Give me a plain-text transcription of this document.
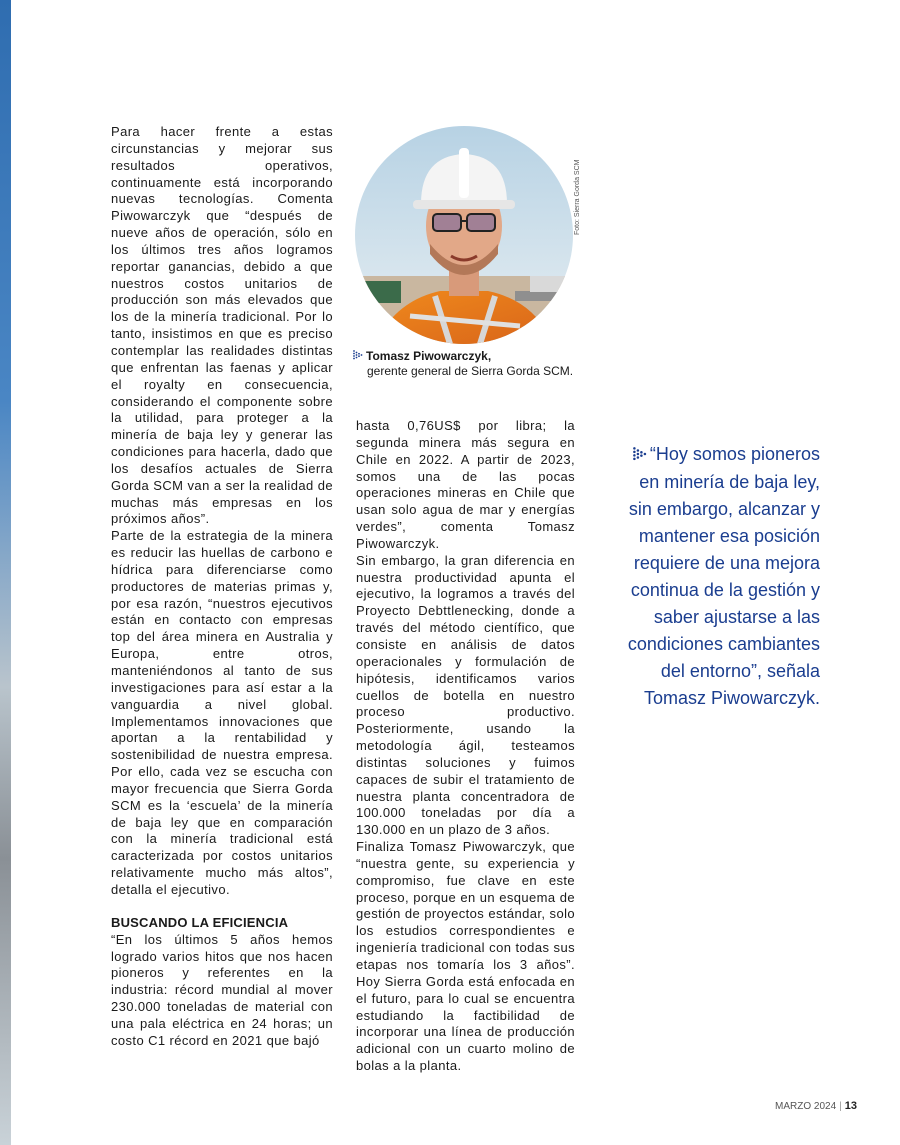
Para hacer frente a estas circunstancias y mejorar sus resultados operativos, continuamente está incorporando nuevas tecnologías. Comenta Piwowarczyk que “después de nueve años de operación, sólo en los últimos tres años logramos reportar ganancias, debido a que nuestros costos unitarios de producción son más elevados que los de la minería tradicional. Por lo tanto, insistimos en que es preciso contemplar las realidades distintas que enfrentan las faenas y aplicar el royalty en consecuencia, considerando el componente sobre la utilidad, para proteger a la minería de baja ley y generar las condiciones para hacerla, dado que los desafíos actuales de Sierra Gorda SCM van a ser la realidad de muchas más empresas en los próximos años”.

Parte de la estrategia de la minera es reducir las huellas de carbono e hídrica para diferenciarse como productores de materias primas y, por esa razón, “nuestros ejecutivos están en contacto con empresas top del área minera en Australia y Europa, entre otros, manteniéndonos al tanto de sus investigaciones para así estar a la vanguardia a nivel global. Implementamos innovaciones que aportan a la rentabilidad y sostenibilidad de nuestra empresa. Por ello, cada vez se escucha con mayor frecuencia que Sierra Gorda SCM es la ‘escuela’ de la minería de baja ley que en comparación con la minería tradicional está caracterizada por costos unitarios relativamente mucho más altos”, detalla el ejecutivo.

BUSCANDO LA EFICIENCIA

“En los últimos 5 años hemos logrado varios hitos que nos hacen pioneros y referentes en la industria: récord mundial al mover 230.000 toneladas de material con una pala eléctrica en 24 horas; un costo C1 récord en 2021 que bajó

Foto: Sierra Gorda SCM
Tomasz Piwowarczyk,
gerente general de Sierra Gorda SCM.

hasta 0,76US$ por libra; la segunda minera más segura en Chile en 2022. A partir de 2023, somos una de las pocas operaciones mineras en Chile que usan solo agua de mar y energías verdes”, comenta Tomasz Piwowarczyk.

Sin embargo, la gran diferencia en nuestra productividad apunta el ejecutivo, la logramos a través del Proyecto Debttlenecking, donde a través del método científico, que consiste en análisis de datos operacionales y formulación de hipótesis, identificamos varios cuellos de botella en nuestro proceso productivo. Posteriormente, usando la metodología ágil, testeamos distintas soluciones y fuimos capaces de subir el tratamiento de nuestra planta concentradora de 100.000 toneladas por día a 130.000 en un plazo de 3 años.

Finaliza Tomasz Piwowarczyk, que “nuestra gente, su experiencia y compromiso, fue clave en este proceso, porque en un esquema de gestión de proyectos estándar, solo los estudios correspondientes e ingeniería tradicional con todas sus etapas nos tomaría los 3 años”. Hoy Sierra Gorda está enfocada en el futuro, para lo cual se encuentra estudiando la factibilidad de incorporar una línea de producción adicional con un cuarto molino de bolas a la planta.

“Hoy somos pioneros en minería de baja ley, sin embargo, alcanzar y mantener esa posición requiere de una mejora continua de la gestión y saber ajustarse a las condiciones cambiantes del entorno”, señala Tomasz Piwowarczyk.
MARZO 2024 | 13
